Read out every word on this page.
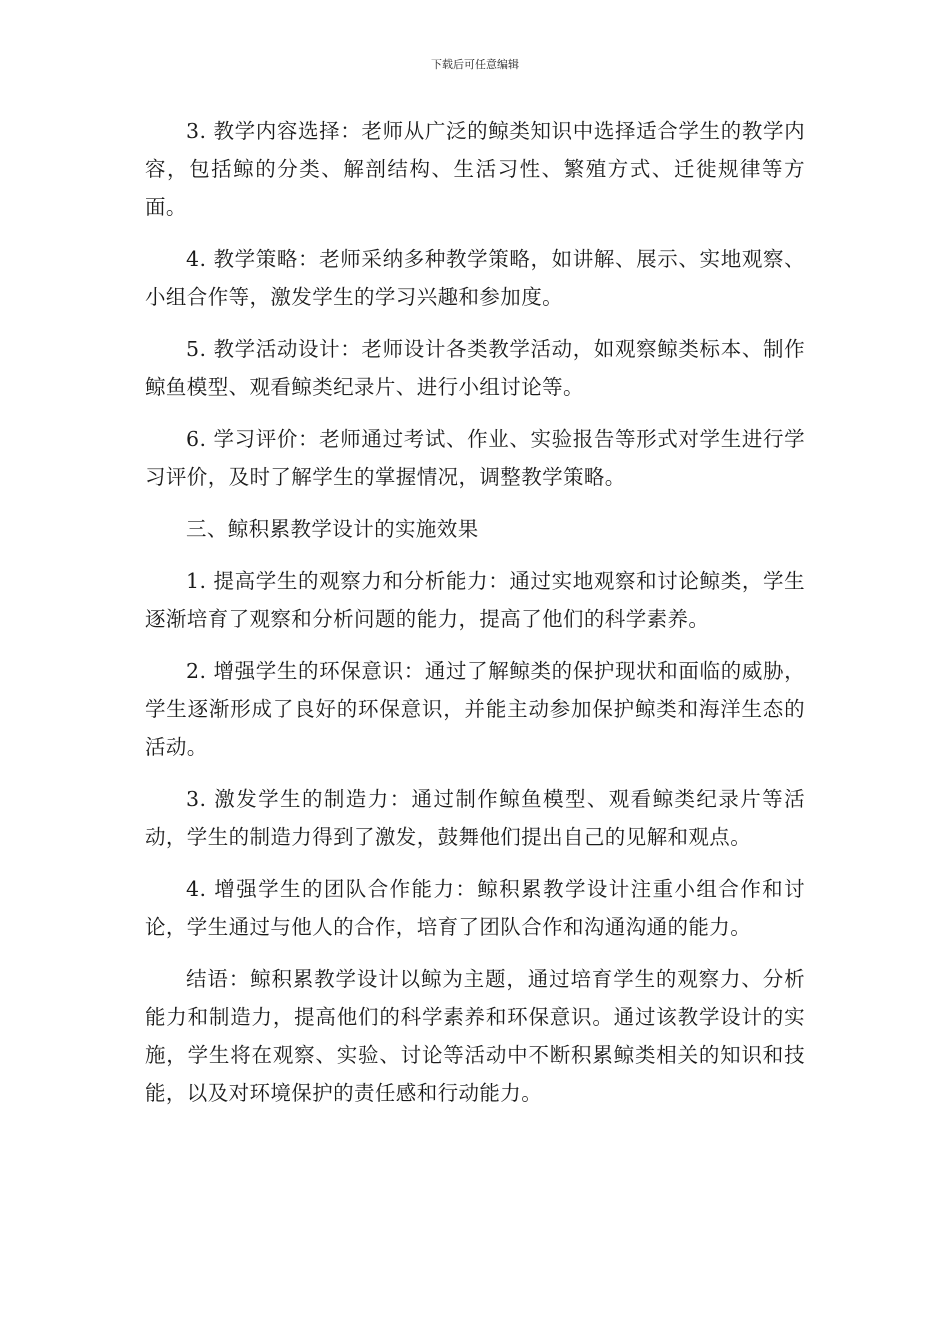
下载后可任意编辑

3. 教学内容选择：老师从广泛的鲸类知识中选择适合学生的教学内容，包括鲸的分类、解剖结构、生活习性、繁殖方式、迁徙规律等方面。

4. 教学策略：老师采纳多种教学策略，如讲解、展示、实地观察、小组合作等，激发学生的学习兴趣和参加度。

5. 教学活动设计：老师设计各类教学活动，如观察鲸类标本、制作鲸鱼模型、观看鲸类纪录片、进行小组讨论等。

6. 学习评价：老师通过考试、作业、实验报告等形式对学生进行学习评价，及时了解学生的掌握情况，调整教学策略。

三、鲸积累教学设计的实施效果

1. 提高学生的观察力和分析能力：通过实地观察和讨论鲸类，学生逐渐培育了观察和分析问题的能力，提高了他们的科学素养。

2. 增强学生的环保意识：通过了解鲸类的保护现状和面临的威胁，学生逐渐形成了良好的环保意识，并能主动参加保护鲸类和海洋生态的活动。

3. 激发学生的制造力：通过制作鲸鱼模型、观看鲸类纪录片等活动，学生的制造力得到了激发，鼓舞他们提出自己的见解和观点。

4. 增强学生的团队合作能力：鲸积累教学设计注重小组合作和讨论，学生通过与他人的合作，培育了团队合作和沟通沟通的能力。

结语：鲸积累教学设计以鲸为主题，通过培育学生的观察力、分析能力和制造力，提高他们的科学素养和环保意识。通过该教学设计的实施，学生将在观察、实验、讨论等活动中不断积累鲸类相关的知识和技能，以及对环境保护的责任感和行动能力。
